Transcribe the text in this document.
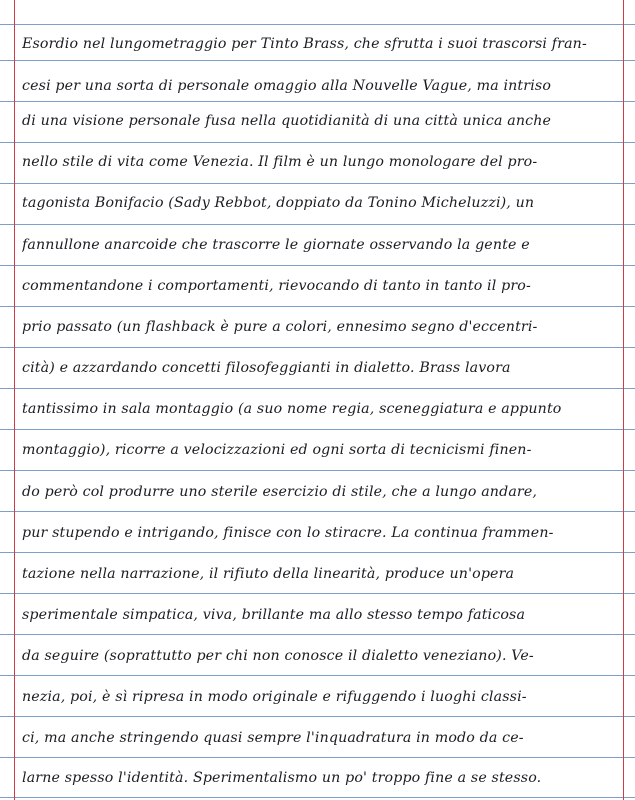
Esordio nel lungometraggio per Tinto Brass, che sfrutta i suoi trascorsi fran-
cesi per una sorta di personale omaggio alla Nouvelle Vague, ma intriso
di una visione personale fusa nella quotidianità di una città unica anche
nello stile di vita come Venezia. Il film è un lungo monologare del pro-
tagonista Bonifacio (Sady Rebbot, doppiato da Tonino Micheluzzi), un
fannullone anarcoide che trascorre le giornate osservando la gente e
commentandone i comportamenti, rievocando di tanto in tanto il pro-
prio passato (un flashback è pure a colori, ennesimo segno d'eccentri-
cità) e azzardando concetti filosofeggianti in dialetto. Brass lavora
tantissimo in sala montaggio (a suo nome regia, sceneggiatura e appunto
montaggio), ricorre a velocizzazioni ed ogni sorta di tecnicismi finen-
do però col produrre uno sterile esercizio di stile, che a lungo andare,
pur stupendo e intrigando, finisce con lo stiracre. La continua frammen-
tazione nella narrazione, il rifiuto della linearità, produce un'opera
sperimentale simpatica, viva, brillante ma allo stesso tempo faticosa
da seguire (soprattutto per chi non conosce il dialetto veneziano). Ve-
nezia, poi, è sì ripresa in modo originale e rifuggendo i luoghi classi-
ci, ma anche stringendo quasi sempre l'inquadratura in modo da ce-
larne spesso l'identità. Sperimentalismo un po' troppo fine a se stesso.
